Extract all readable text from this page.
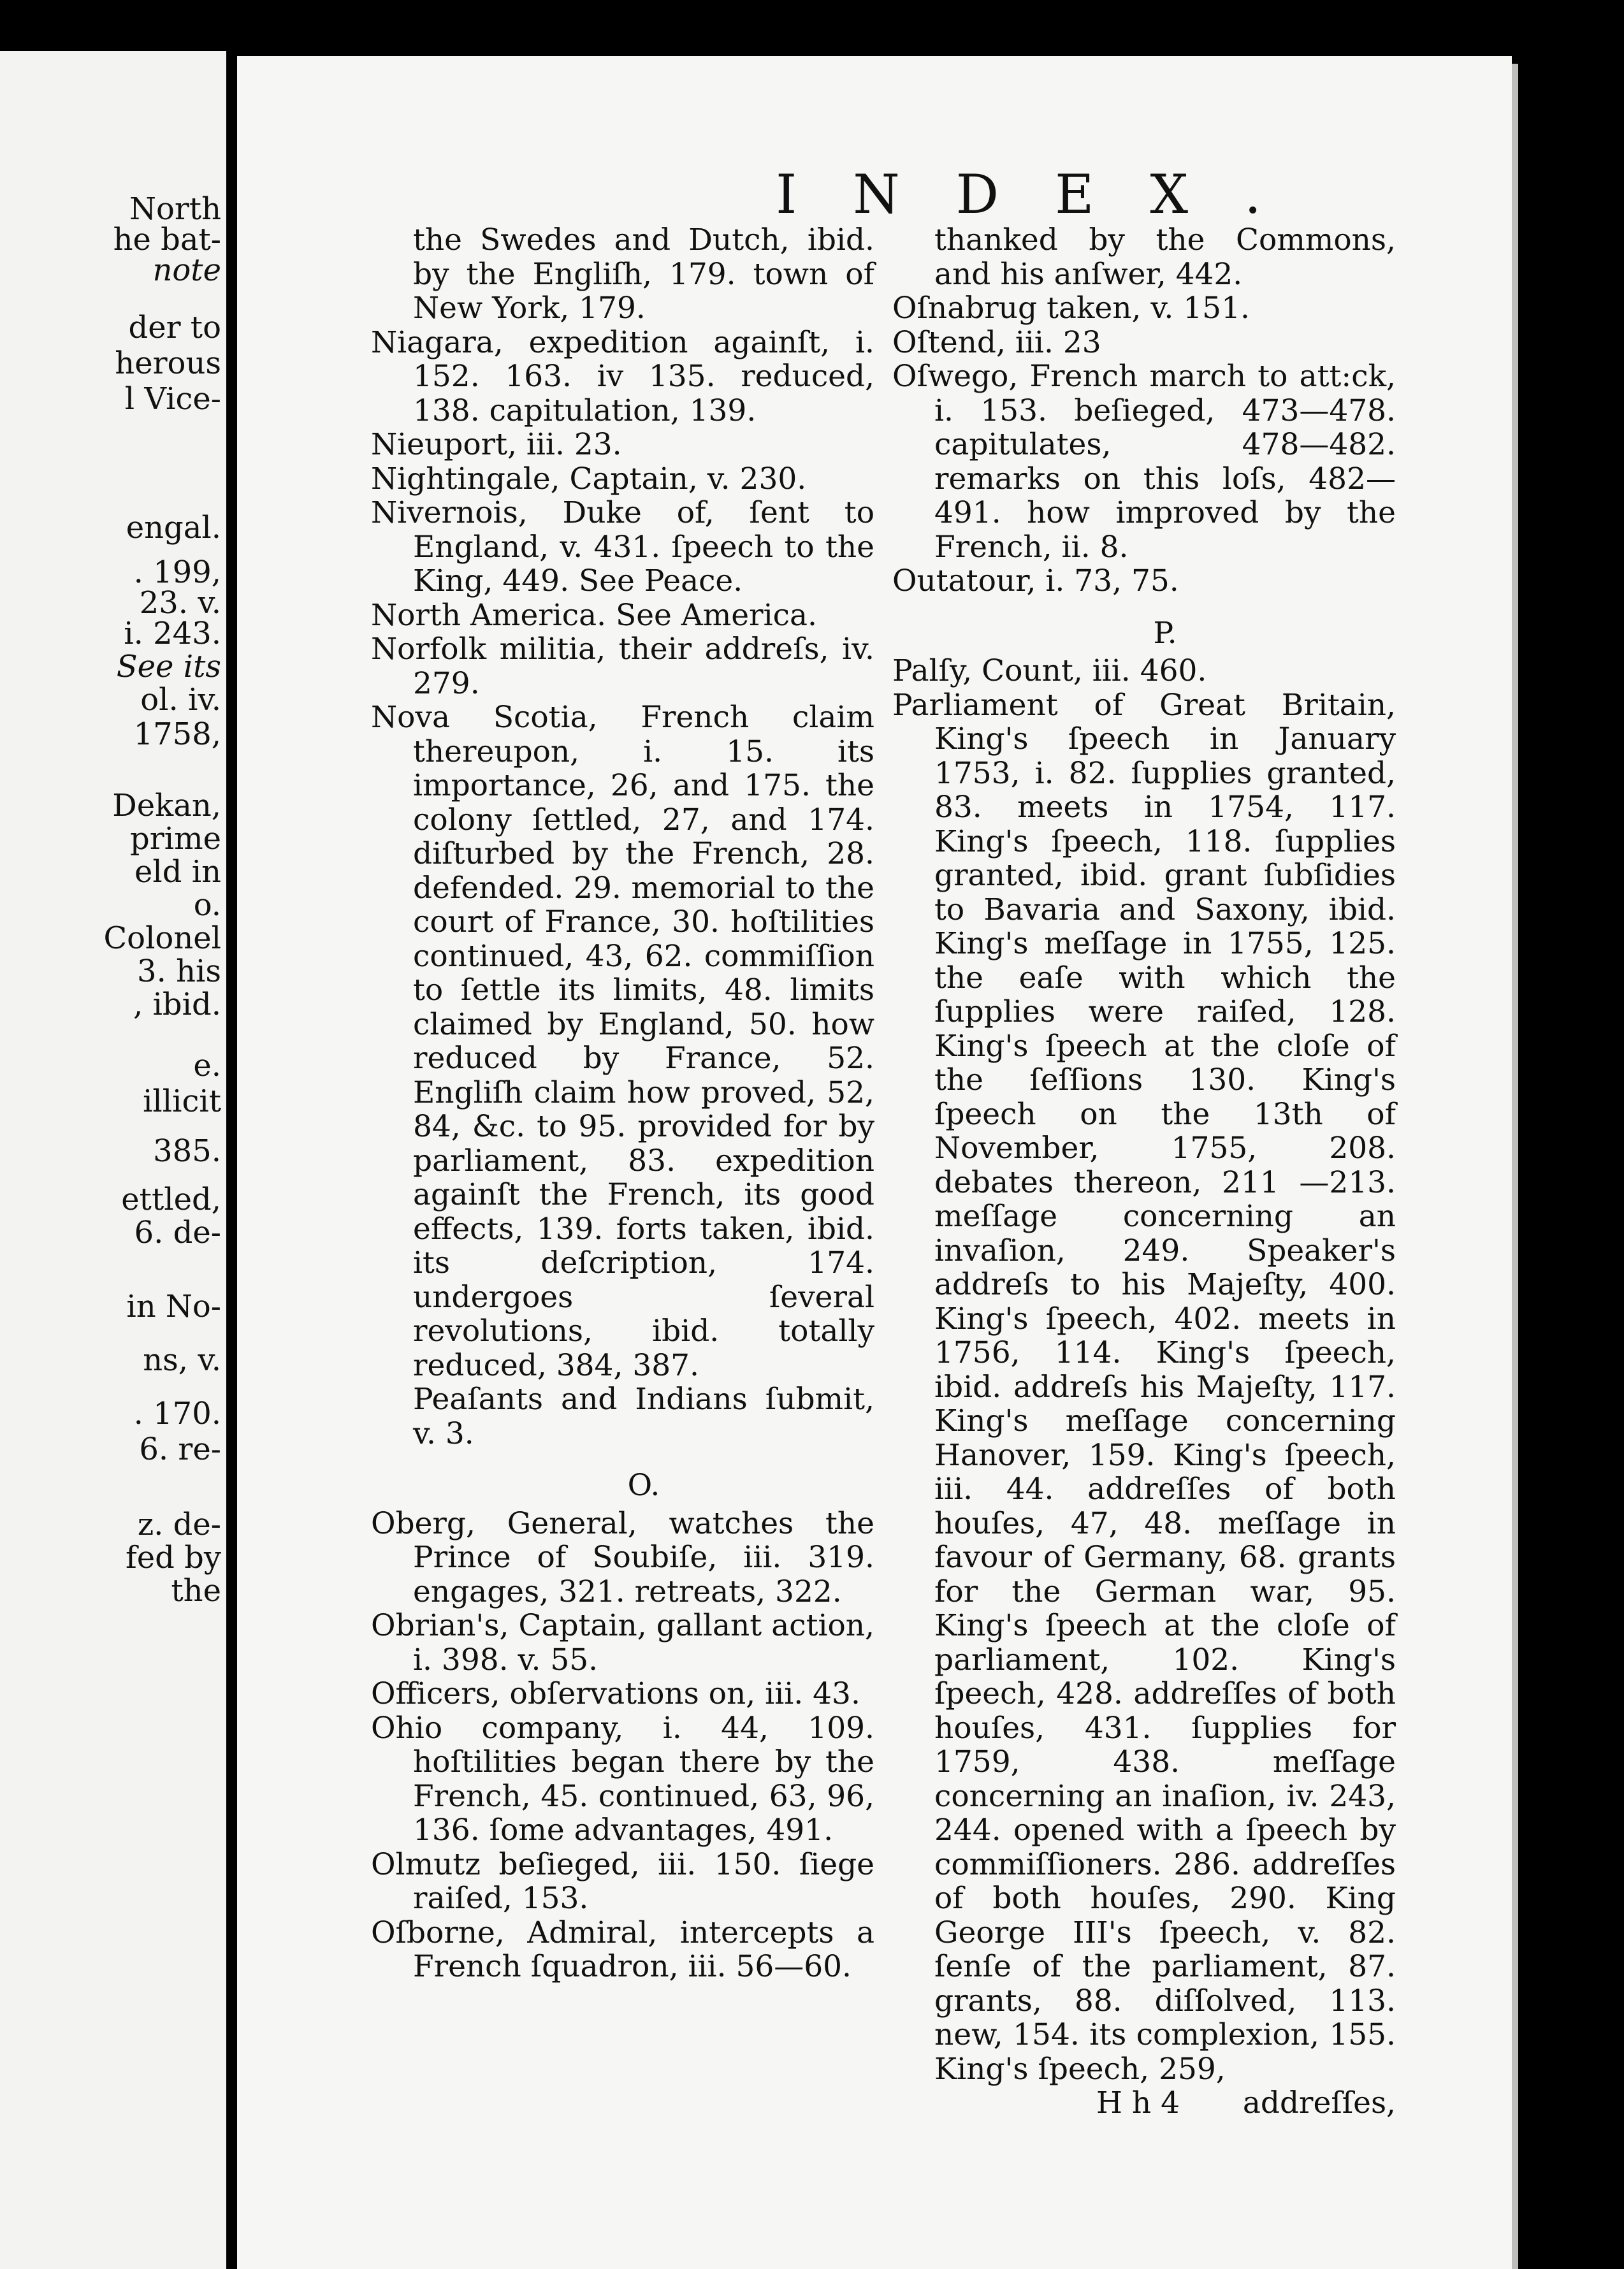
North
he bat-
note
der to
herous
l Vice-
engal.
. 199,
23. v.
i. 243.
See its
ol. iv.
1758,
Dekan,
prime
eld in
o.
Colonel
3. his
, ibid.
e.
illicit
385.
ettled,
6. de-
in No-
ns, v.
. 170.
6. re-
z. de-
fed by
the
INDEX.

the Swedes and Dutch, ibid. by the Engliſh, 179. town of New York, 179.

Niagara, expedition againſt, i. 152. 163. iv 135. reduced, 138. capitulation, 139.

Nieuport, iii. 23.

Nightingale, Captain, v. 230.

Nivernois, Duke of, ſent to England, v. 431. ſpeech to the King, 449. See Peace.

North America. See America.

Norfolk militia, their addreſs, iv. 279.

Nova Scotia, French claim thereupon, i. 15. its importance, 26, and 175. the colony ſettled, 27, and 174. diſturbed by the French, 28. defended. 29. memorial to the court of France, 30. hoſtilities continued, 43, 62. commiſſion to ſettle its limits, 48. limits claimed by England, 50. how reduced by France, 52. Engliſh claim how proved, 52, 84, &c. to 95. provided for by parliament, 83. expedition againſt the French, its good effects, 139. forts taken, ibid. its deſcription, 174. undergoes ſeveral revolutions, ibid. totally reduced, 384, 387.

Peaſants and Indians ſubmit, v. 3.

O.

Oberg, General, watches the Prince of Soubiſe, iii. 319. engages, 321. retreats, 322.

Obrian's, Captain, gallant action, i. 398. v. 55.

Officers, obſervations on, iii. 43.

Ohio company, i. 44, 109. hoſtilities began there by the French, 45. continued, 63, 96, 136. ſome advantages, 491.

Olmutz beſieged, iii. 150. ſiege raiſed, 153.

Oſborne, Admiral, intercepts a French ſquadron, iii. 56—60.

thanked by the Commons, and his anſwer, 442.

Oſnabrug taken, v. 151.

Oſtend, iii. 23

Oſwego, French march to att:ck, i. 153. beſieged, 473—478. capitulates, 478—482. remarks on this loſs, 482—491. how improved by the French, ii. 8.

Outatour, i. 73, 75.

P.

Palſy, Count, iii. 460.

Parliament of Great Britain, King's ſpeech in January 1753, i. 82. ſupplies granted, 83. meets in 1754, 117. King's ſpeech, 118. ſupplies granted, ibid. grant ſubſidies to Bavaria and Saxony, ibid. King's meſſage in 1755, 125. the eaſe with which the ſupplies were raiſed, 128. King's ſpeech at the cloſe of the ſeſſions 130. King's ſpeech on the 13th of November, 1755, 208. debates thereon, 211 —213. meſſage concerning an invaſion, 249. Speaker's addreſs to his Majeſty, 400. King's ſpeech, 402. meets in 1756, 114. King's ſpeech, ibid. addreſs his Majeſty, 117. King's meſſage concerning Hanover, 159. King's ſpeech, iii. 44. addreſſes of both houſes, 47, 48. meſſage in favour of Germany, 68. grants for the German war, 95. King's ſpeech at the cloſe of parliament, 102. King's ſpeech, 428. addreſſes of both houſes, 431. ſupplies for 1759, 438. meſſage concerning an inaſion, iv. 243, 244. opened with a ſpeech by commiſſioners. 286. addreſſes of both houſes, 290. King George III's ſpeech, v. 82. ſenſe of the parliament, 87. grants, 88. diſſolved, 113. new, 154. its complexion, 155. King's ſpeech, 259,

H h 4 addreſſes,
